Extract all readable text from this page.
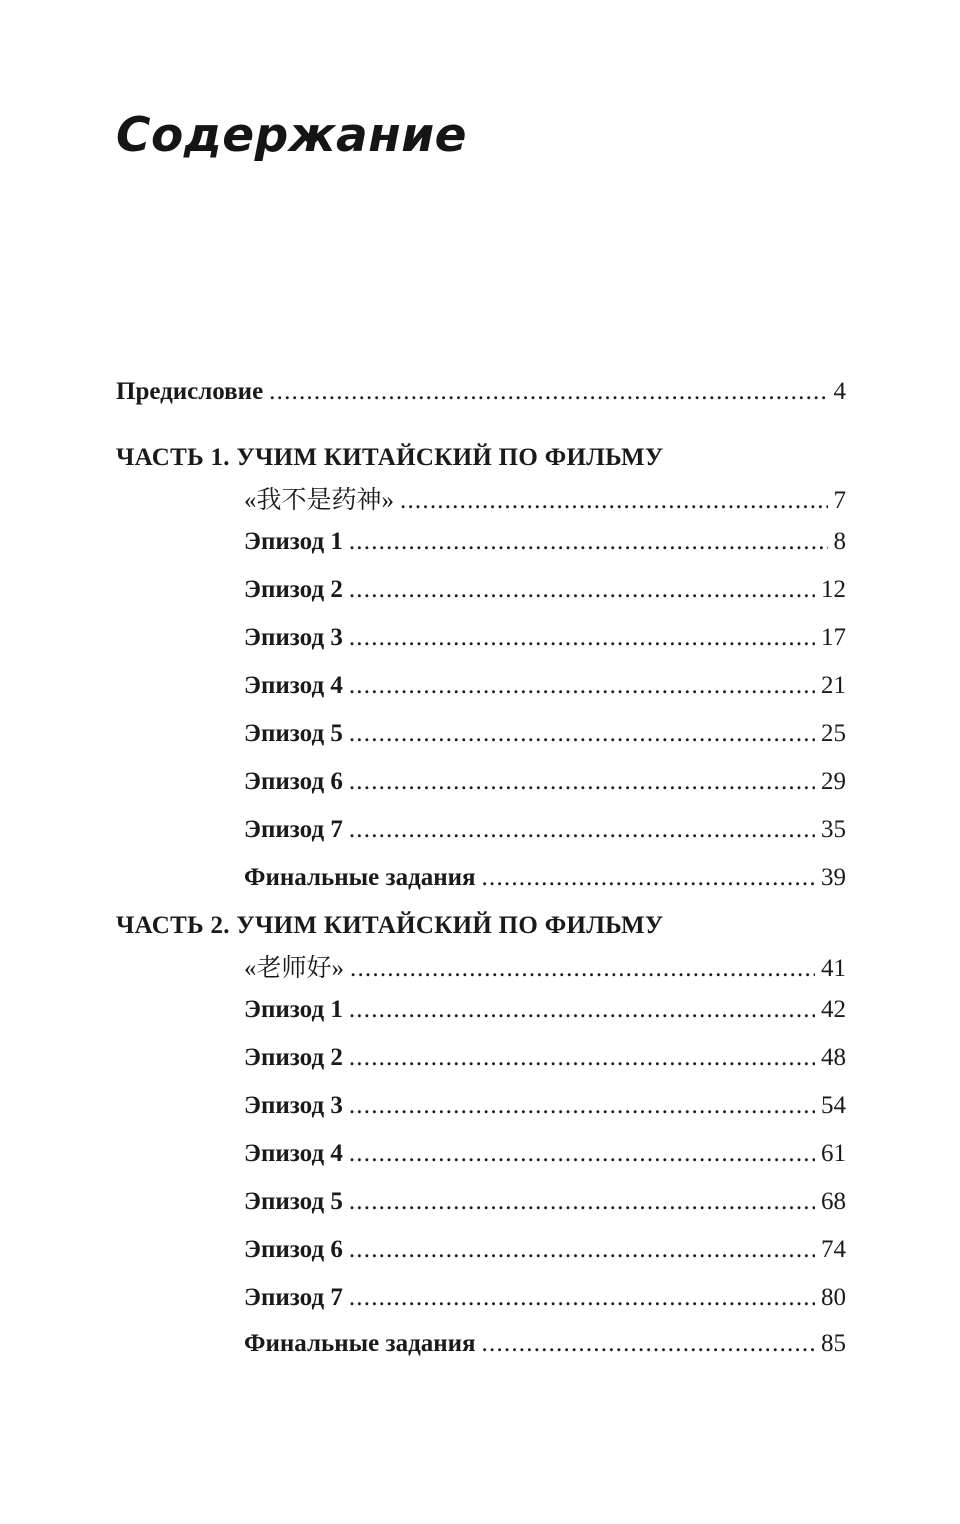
Содержание
Предисловие .....	4
ЧАСТЬ 1. УЧИМ КИТАЙСКИЙ ПО ФИЛЬМУ
«我不是药神» .....	7
Эпизод 1 .....	8
Эпизод 2 .....	12
Эпизод 3 .....	17
Эпизод 4 .....	21
Эпизод 5 .....	25
Эпизод 6 .....	29
Эпизод 7 .....	35
Финальные задания .....	39
ЧАСТЬ 2. УЧИМ КИТАЙСКИЙ ПО ФИЛЬМУ
«老师好» .....	41
Эпизод 1 .....	42
Эпизод 2 .....	48
Эпизод 3 .....	54
Эпизод 4 .....	61
Эпизод 5 .....	68
Эпизод 6 .....	74
Эпизод 7 .....	80
Финальные задания .....	85
